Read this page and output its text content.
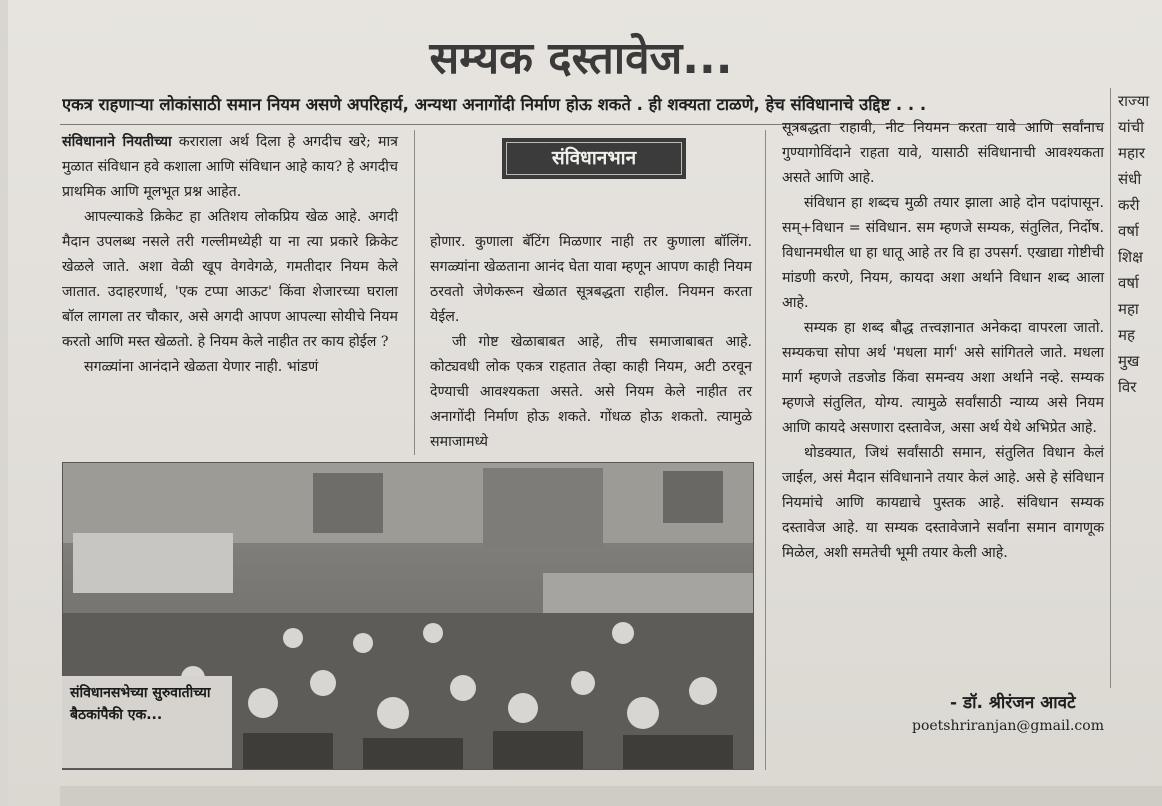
सम्यक दस्तावेज...
एकत्र राहणाऱ्या लोकांसाठी समान नियम असणे अपरिहार्य, अन्यथा अनागोंदी निर्माण होऊ शकते . ही शक्यता टाळणे, हेच संविधानाचे उद्दिष्ट . . .

संविधानाने नियतीच्या कराराला अर्थ दिला हे अगदीच खरे; मात्र मुळात संविधान हवे कशाला आणि संविधान आहे काय? हे अगदीच प्राथमिक आणि मूलभूत प्रश्न आहेत.

आपल्याकडे क्रिकेट हा अतिशय लोकप्रिय खेळ आहे. अगदी मैदान उपलब्ध नसले तरी गल्लीमध्येही या ना त्या प्रकारे क्रिकेट खेळले जाते. अशा वेळी खूप वेगवेगळे, गमतीदार नियम केले जातात. उदाहरणार्थ, 'एक टप्पा आऊट' किंवा शेजारच्या घराला बॉल लागला तर चौकार, असे अगदी आपण आपल्या सोयीचे नियम करतो आणि मस्त खेळतो. हे नियम केले नाहीत तर काय होईल ?

सगळ्यांना आनंदाने खेळता येणार नाही. भांडणं

संविधानभान

होणार. कुणाला बॅटिंग मिळणार नाही तर कुणाला बॉलिंग. सगळ्यांना खेळताना आनंद घेता यावा म्हणून आपण काही नियम ठरवतो जेणेकरून खेळात सूत्रबद्धता राहील. नियमन करता येईल.

जी गोष्ट खेळाबाबत आहे, तीच समाजाबाबत आहे. कोट्यवधी लोक एकत्र राहतात तेव्हा काही नियम, अटी ठरवून देण्याची आवश्यकता असते. असे नियम केले नाहीत तर अनागोंदी निर्माण होऊ शकते. गोंधळ होऊ शकतो. त्यामुळे समाजामध्ये

सूत्रबद्धता राहावी, नीट नियमन करता यावे आणि सर्वांनाच गुण्यागोविंदाने राहता यावे, यासाठी संविधानाची आवश्यकता असते आणि आहे.

संविधान हा शब्दच मुळी तयार झाला आहे दोन पदांपासून. सम्+विधान = संविधान. सम म्हणजे सम्यक, संतुलित, निर्दोष. विधानमधील धा हा धातू आहे तर वि हा उपसर्ग. एखाद्या गोष्टीची मांडणी करणे, नियम, कायदा अशा अर्थाने विधान शब्द आला आहे.

सम्यक हा शब्द बौद्ध तत्त्वज्ञानात अनेकदा वापरला जातो. सम्यकचा सोपा अर्थ 'मधला मार्ग' असे सांगितले जाते. मधला मार्ग म्हणजे तडजोड किंवा समन्वय अशा अर्थाने नव्हे. सम्यक म्हणजे संतुलित, योग्य. त्यामुळे सर्वांसाठी न्याय्य असे नियम आणि कायदे असणारा दस्तावेज, असा अर्थ येथे अभिप्रेत आहे.

थोडक्यात, जिथं सर्वांसाठी समान, संतुलित विधान केलं जाईल, असं मैदान संविधानाने तयार केलं आहे. असे हे संविधान नियमांचे आणि कायद्याचे पुस्तक आहे. संविधान सम्यक दस्तावेज आहे. या सम्यक दस्तावेजाने सर्वांना समान वागणूक मिळेल, अशी समतेची भूमी तयार केली आहे.

संविधानसभेच्या सुरुवातीच्या बैठकांपैकी एक...
- डॉ. श्रीरंजन आवटे
poetshriranjan@gmail.com
राज्या
यांची
महार
संधी
करी
वर्षा
शिक्ष
वर्षा
महा
मह
मुख
विर
